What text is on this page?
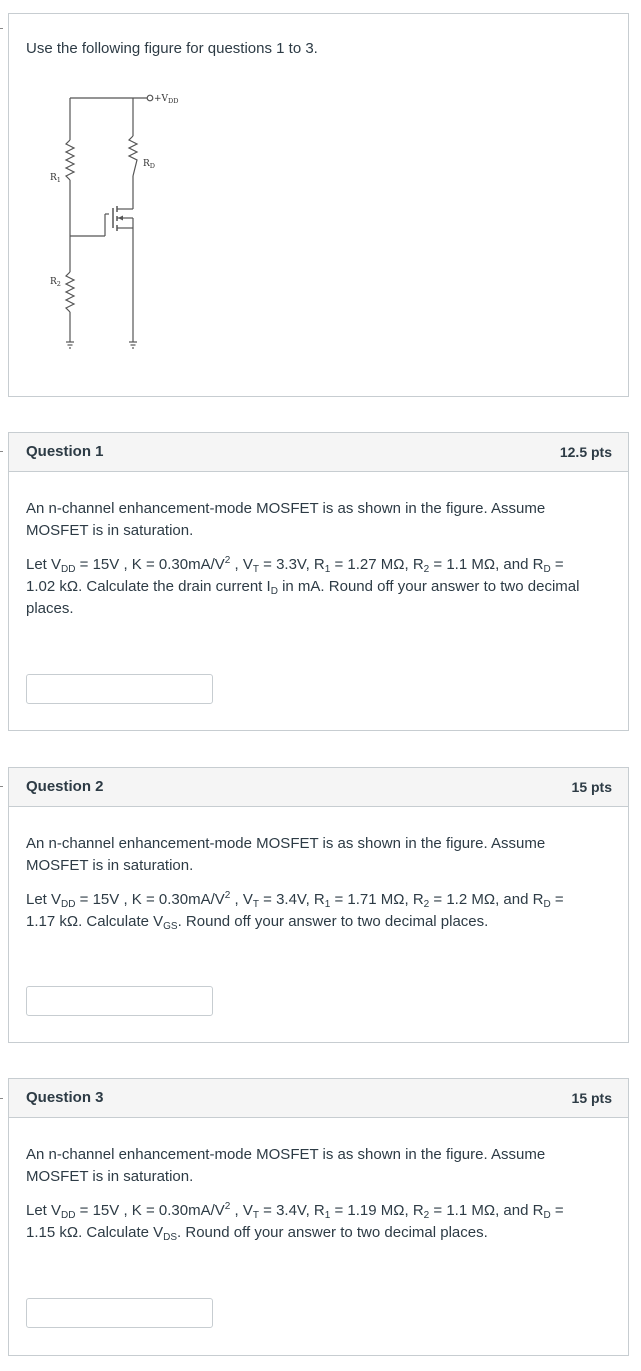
Use the following figure for questions 1 to 3.
$+V_{DD}$
$R_D$
$R_1$
$R_2$
Question 1	12.5 pts

An n-channel enhancement-mode MOSFET is as shown in the figure. Assume
MOSFET is in saturation.

Let $V_{DD} = 15V$ , $K = 0.30mA/V^2$ , $V_T = 3.3V$, $R_1 = 1.27$ MΩ, $R_2 = 1.1$ MΩ, and $R_D$ =
1.02 kΩ. Calculate the drain current $I_D$ in mA. Round off your answer to two decimal
places.

Question 2	15 pts

An n-channel enhancement-mode MOSFET is as shown in the figure. Assume
MOSFET is in saturation.

Let $V_{DD} = 15V$ , $K = 0.30mA/V^2$ , $V_T = 3.4V$, $R_1 = 1.71$ MΩ, $R_2 = 1.2$ MΩ, and $R_D$ =
1.17 kΩ. Calculate $V_{GS}$. Round off your answer to two decimal places.

Question 3	15 pts

An n-channel enhancement-mode MOSFET is as shown in the figure. Assume
MOSFET is in saturation.

Let $V_{DD} = 15V$ , $K = 0.30mA/V^2$ , $V_T = 3.4V$, $R_1 = 1.19$ MΩ, $R_2 = 1.1$ MΩ, and $R_D$ =
1.15 kΩ. Calculate $V_{DS}$. Round off your answer to two decimal places.
